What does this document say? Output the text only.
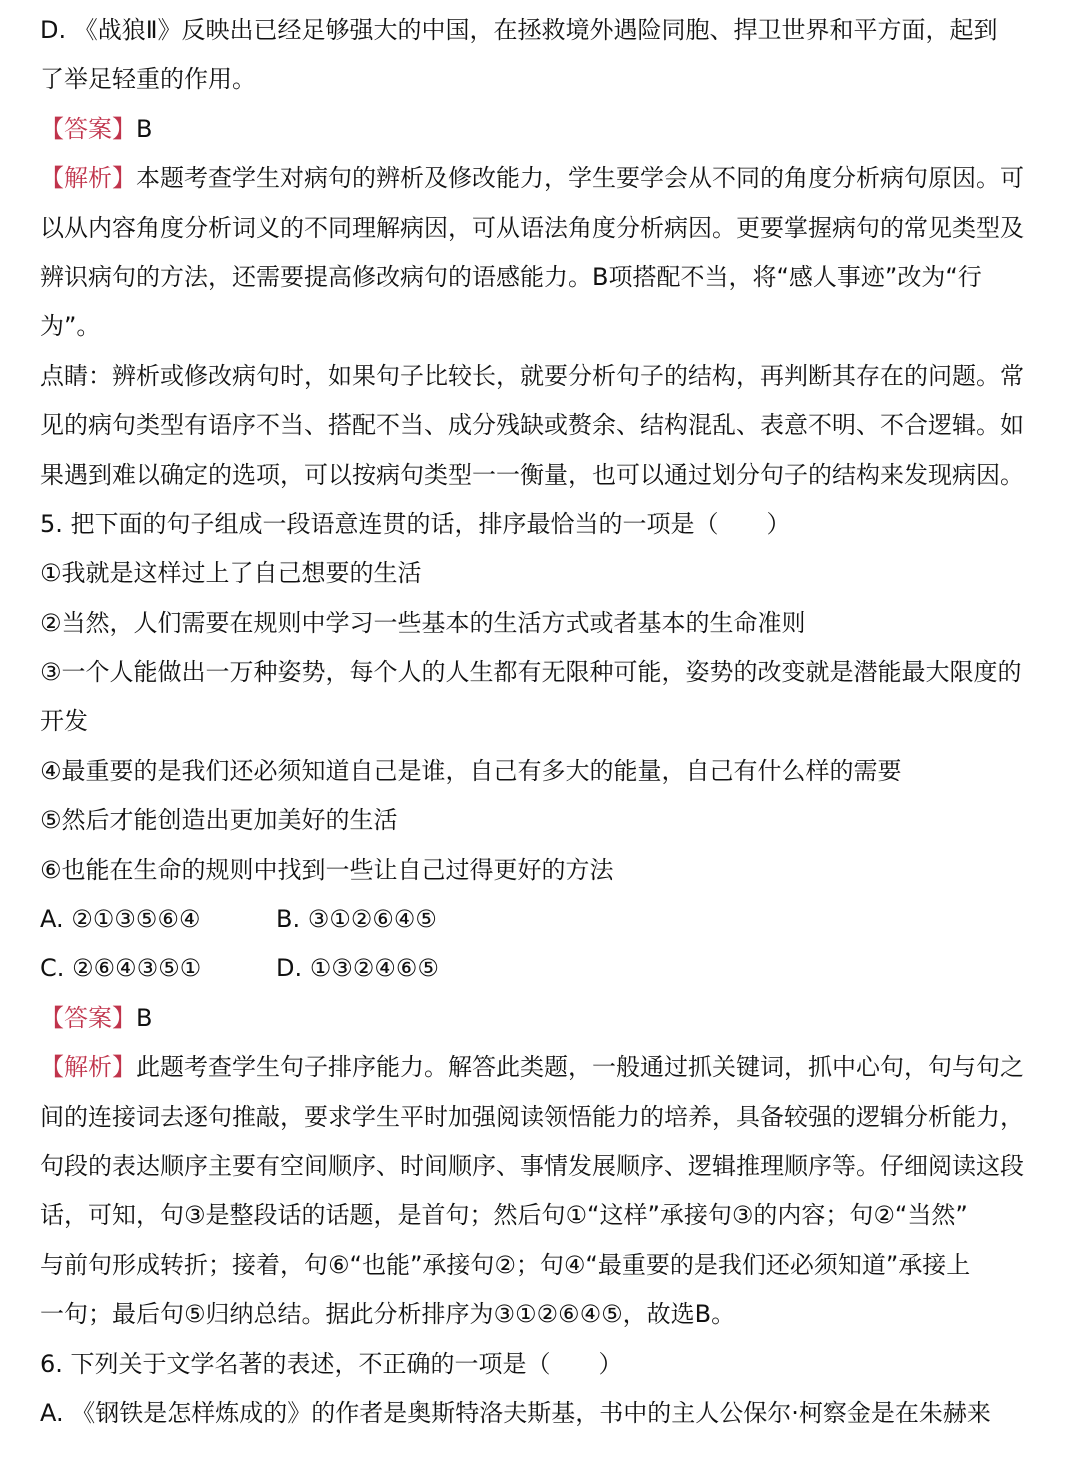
D. 《战狼Ⅱ》反映出已经足够强大的中国，在拯救境外遇险同胞、捍卫世界和平方面，起到
了举足轻重的作用。
【答案】B
【解析】本题考查学生对病句的辨析及修改能力，学生要学会从不同的角度分析病句原因。可
以从内容角度分析词义的不同理解病因，可从语法角度分析病因。更要掌握病句的常见类型及
辨识病句的方法，还需要提高修改病句的语感能力。B项搭配不当，将“感人事迹”改为“行
为”。
点睛：辨析或修改病句时，如果句子比较长，就要分析句子的结构，再判断其存在的问题。常
见的病句类型有语序不当、搭配不当、成分残缺或赘余、结构混乱、表意不明、不合逻辑。如
果遇到难以确定的选项，可以按病句类型一一衡量，也可以通过划分句子的结构来发现病因。
5. 把下面的句子组成一段语意连贯的话，排序最恰当的一项是（　　）
①我就是这样过上了自己想要的生活
②当然，人们需要在规则中学习一些基本的生活方式或者基本的生命准则
③一个人能做出一万种姿势，每个人的人生都有无限种可能，姿势的改变就是潜能最大限度的
开发
④最重要的是我们还必须知道自己是谁，自己有多大的能量，自己有什么样的需要
⑤然后才能创造出更加美好的生活
⑥也能在生命的规则中找到一些让自己过得更好的方法
A. ②①③⑤⑥④	B. ③①②⑥④⑤
C. ②⑥④③⑤①	D. ①③②④⑥⑤
【答案】B
【解析】此题考查学生句子排序能力。解答此类题，一般通过抓关键词，抓中心句，句与句之
间的连接词去逐句推敲，要求学生平时加强阅读领悟能力的培养，具备较强的逻辑分析能力，
句段的表达顺序主要有空间顺序、时间顺序、事情发展顺序、逻辑推理顺序等。仔细阅读这段
话，可知，句③是整段话的话题，是首句；然后句①“这样”承接句③的内容；句②“当然”
与前句形成转折；接着，句⑥“也能”承接句②；句④“最重要的是我们还必须知道”承接上
一句；最后句⑤归纳总结。据此分析排序为③①②⑥④⑤，故选B。
6. 下列关于文学名著的表述，不正确的一项是（　　）
A. 《钢铁是怎样炼成的》的作者是奥斯特洛夫斯基，书中的主人公保尔·柯察金是在朱赫来
